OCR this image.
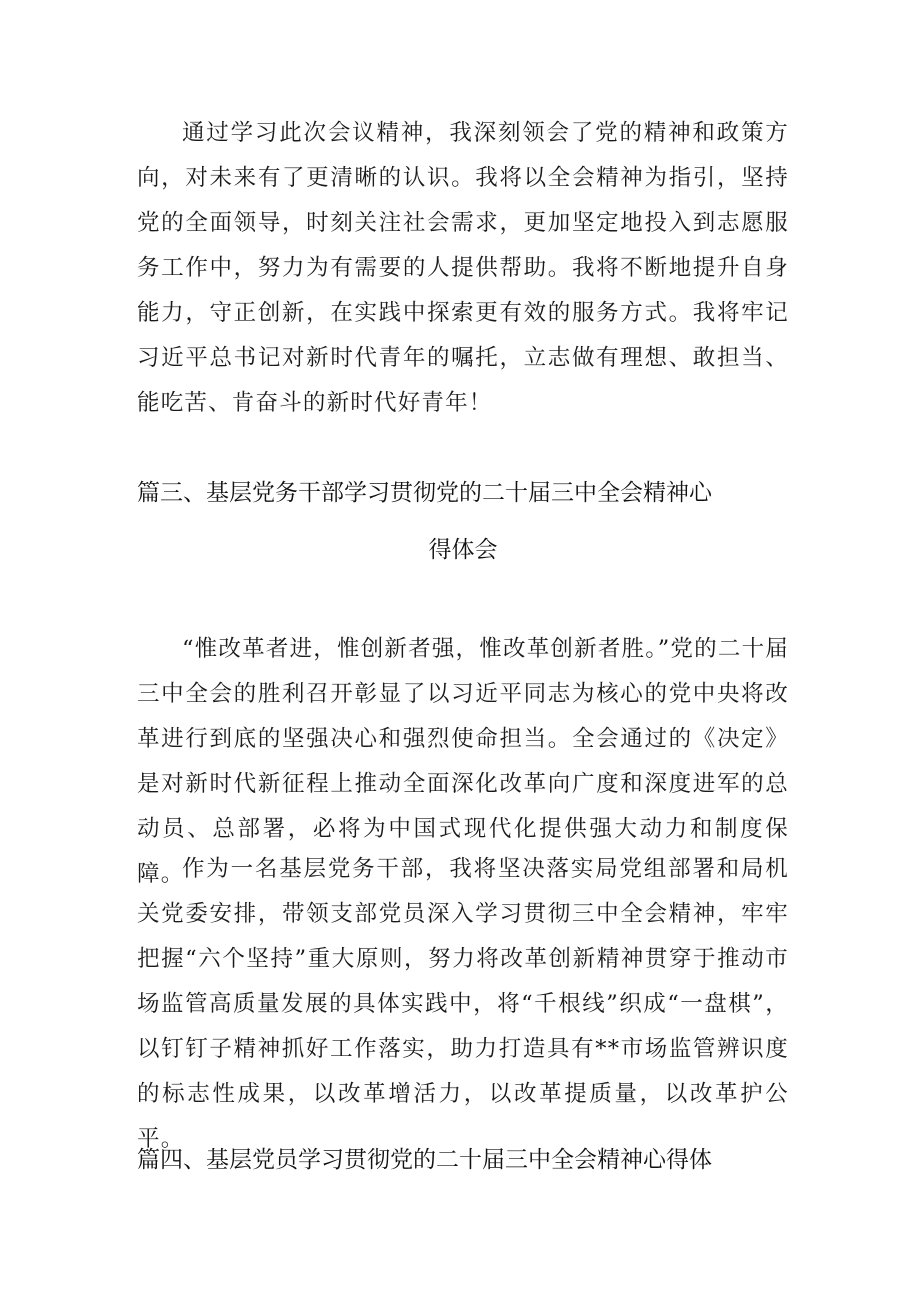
通过学习此次会议精神，我深刻领会了党的精神和政策方向，对未来有了更清晰的认识。我将以全会精神为指引，坚持党的全面领导，时刻关注社会需求，更加坚定地投入到志愿服务工作中，努力为有需要的人提供帮助。我将不断地提升自身能力，守正创新，在实践中探索更有效的服务方式。我将牢记习近平总书记对新时代青年的嘱托，立志做有理想、敢担当、能吃苦、肯奋斗的新时代好青年！

篇三、基层党务干部学习贯彻党的二十届三中全会精神心
得体会

“惟改革者进，惟创新者强，惟改革创新者胜。”党的二十届三中全会的胜利召开彰显了以习近平同志为核心的党中央将改革进行到底的坚强决心和强烈使命担当。全会通过的《决定》是对新时代新征程上推动全面深化改革向广度和深度进军的总动员、总部署，必将为中国式现代化提供强大动力和制度保障。

作为一名基层党务干部，我将坚决落实局党组部署和局机关党委安排，带领支部党员深入学习贯彻三中全会精神，牢牢把握“六个坚持”重大原则，努力将改革创新精神贯穿于推动市场监管高质量发展的具体实践中，将“千根线”织成“一盘棋”，以钉钉子精神抓好工作落实，助力打造具有**市场监管辨识度的标志性成果，以改革增活力，以改革提质量，以改革护公平。

篇四、基层党员学习贯彻党的二十届三中全会精神心得体
